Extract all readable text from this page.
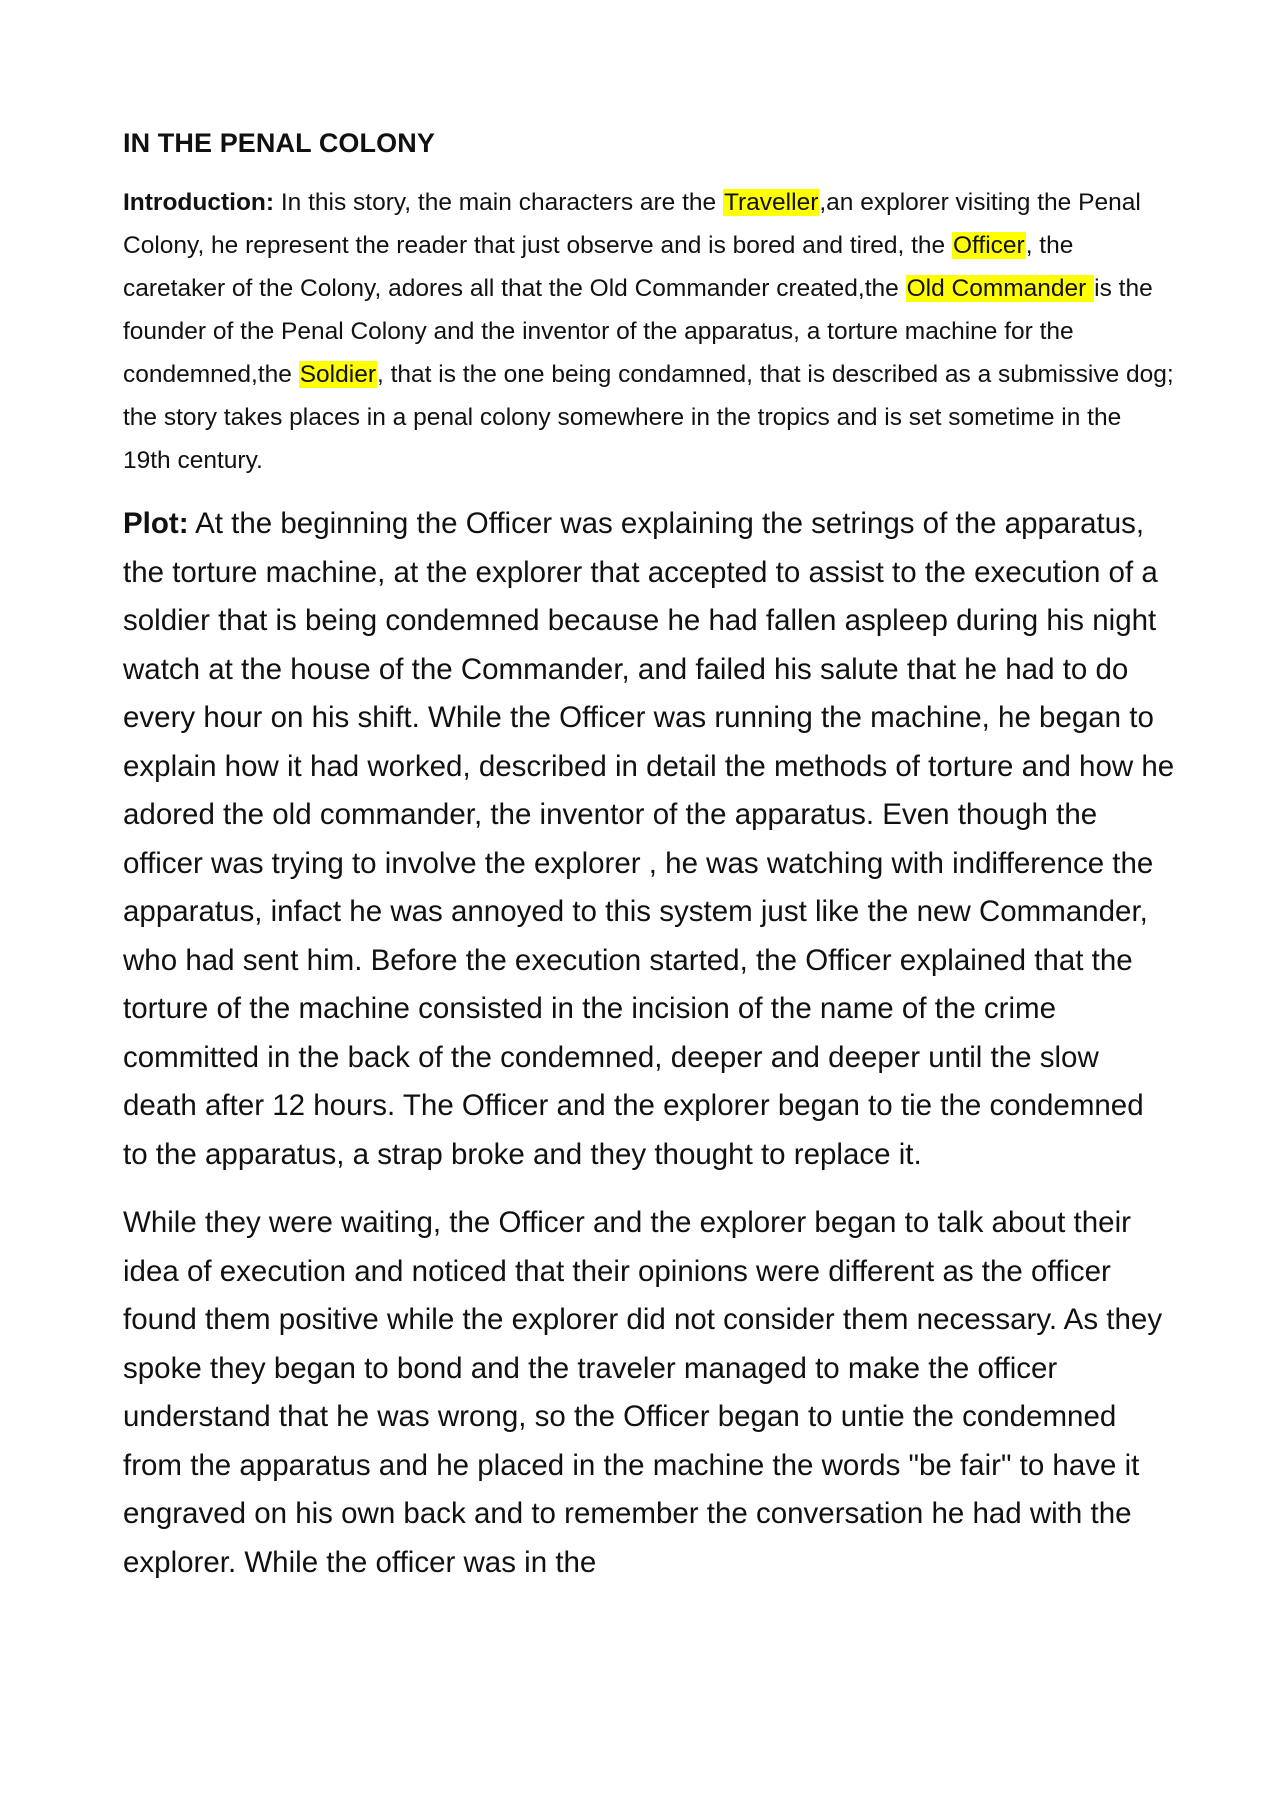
IN THE PENAL COLONY

Introduction: In this story, the main characters are the Traveller,an explorer visiting the Penal Colony, he represent the reader that just observe and is bored and tired, the Officer, the caretaker of the Colony, adores all that the Old Commander created,the Old Commander is the founder of the Penal Colony and the inventor of the apparatus, a torture machine for the condemned,the Soldier, that is the one being condamned, that is described as a submissive dog; the story takes places in a penal colony somewhere in the tropics and is set sometime in the 19th century.

Plot: At the beginning the Officer was explaining the setrings of the apparatus, the torture machine, at the explorer that accepted to assist to the execution of a soldier that is being condemned because he had fallen aspleep during his night watch at the house of the Commander, and failed his salute that he had to do every hour on his shift. While the Officer was running the machine, he began to explain how it had worked, described in detail the methods of torture and how he adored the old commander, the inventor of the apparatus. Even though the officer was trying to involve the explorer , he was watching with indifference the apparatus, infact he was annoyed to this system just like the new Commander, who had sent him. Before the execution started, the Officer explained that the torture of the machine consisted in the incision of the name of the crime committed in the back of the condemned, deeper and deeper until the slow death after 12 hours. The Officer and the explorer began to tie the condemned to the apparatus, a strap broke and they thought to replace it.

While they were waiting, the Officer and the explorer began to talk about their idea of execution and noticed that their opinions were different as the officer found them positive while the explorer did not consider them necessary. As they spoke they began to bond and the traveler managed to make the officer understand that he was wrong, so the Officer began to untie the condemned from the apparatus and he placed in the machine the words "be fair" to have it engraved on his own back and to remember the conversation he had with the explorer. While the officer was in the
